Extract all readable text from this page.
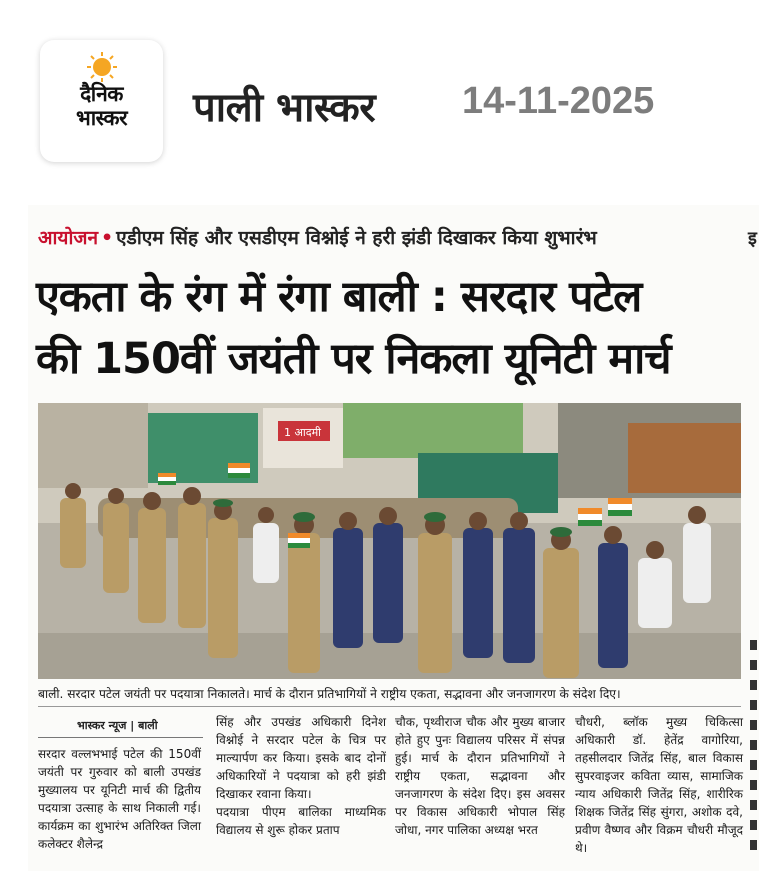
दैनिक
भास्कर पाली भास्कर 14-11-2025
आयोजन • एडीएम सिंह और एसडीएम विश्नोई ने हरी झंडी दिखाकर किया शुभारंभ	इ
एकता के रंग में रंगा बाली : सरदार पटेल
की 150वीं जयंती पर निकला यूनिटी मार्च
1 आदमी
बाली. सरदार पटेल जयंती पर पदयात्रा निकालते। मार्च के दौरान प्रतिभागियों ने राष्ट्रीय एकता, सद्भावना और जनजागरण के संदेश दिए।
भास्कर न्यूज | बाली

सरदार वल्लभभाई पटेल की 150वीं जयंती पर गुरुवार को बाली उपखंड मुख्यालय पर यूनिटी मार्च की द्वितीय पदयात्रा उत्साह के साथ निकाली गई। कार्यक्रम का शुभारंभ अतिरिक्त जिला कलेक्टर शैलेन्द्र

सिंह और उपखंड अधिकारी दिनेश विश्नोई ने सरदार पटेल के चित्र पर माल्यार्पण कर किया। इसके बाद दोनों अधिकारियों ने पदयात्रा को हरी झंडी दिखाकर रवाना किया।

पदयात्रा पीएम बालिका माध्यमिक विद्यालय से शुरू होकर प्रताप

चौक, पृथ्वीराज चौक और मुख्य बाजार होते हुए पुनः विद्यालय परिसर में संपन्न हुई। मार्च के दौरान प्रतिभागियों ने राष्ट्रीय एकता, सद्भावना और जनजागरण के संदेश दिए। इस अवसर पर विकास अधिकारी भोपाल सिंह जोधा, नगर पालिका अध्यक्ष भरत

चौधरी, ब्लॉक मुख्य चिकित्सा अधिकारी डॉ. हेतेंद्र वागोरिया, तहसीलदार जितेंद्र सिंह, बाल विकास सुपरवाइजर कविता व्यास, सामाजिक न्याय अधिकारी जितेंद्र सिंह, शारीरिक शिक्षक जितेंद्र सिंह सुंगरा, अशोक दवे, प्रवीण वैष्णव और विक्रम चौधरी मौजूद थे।
